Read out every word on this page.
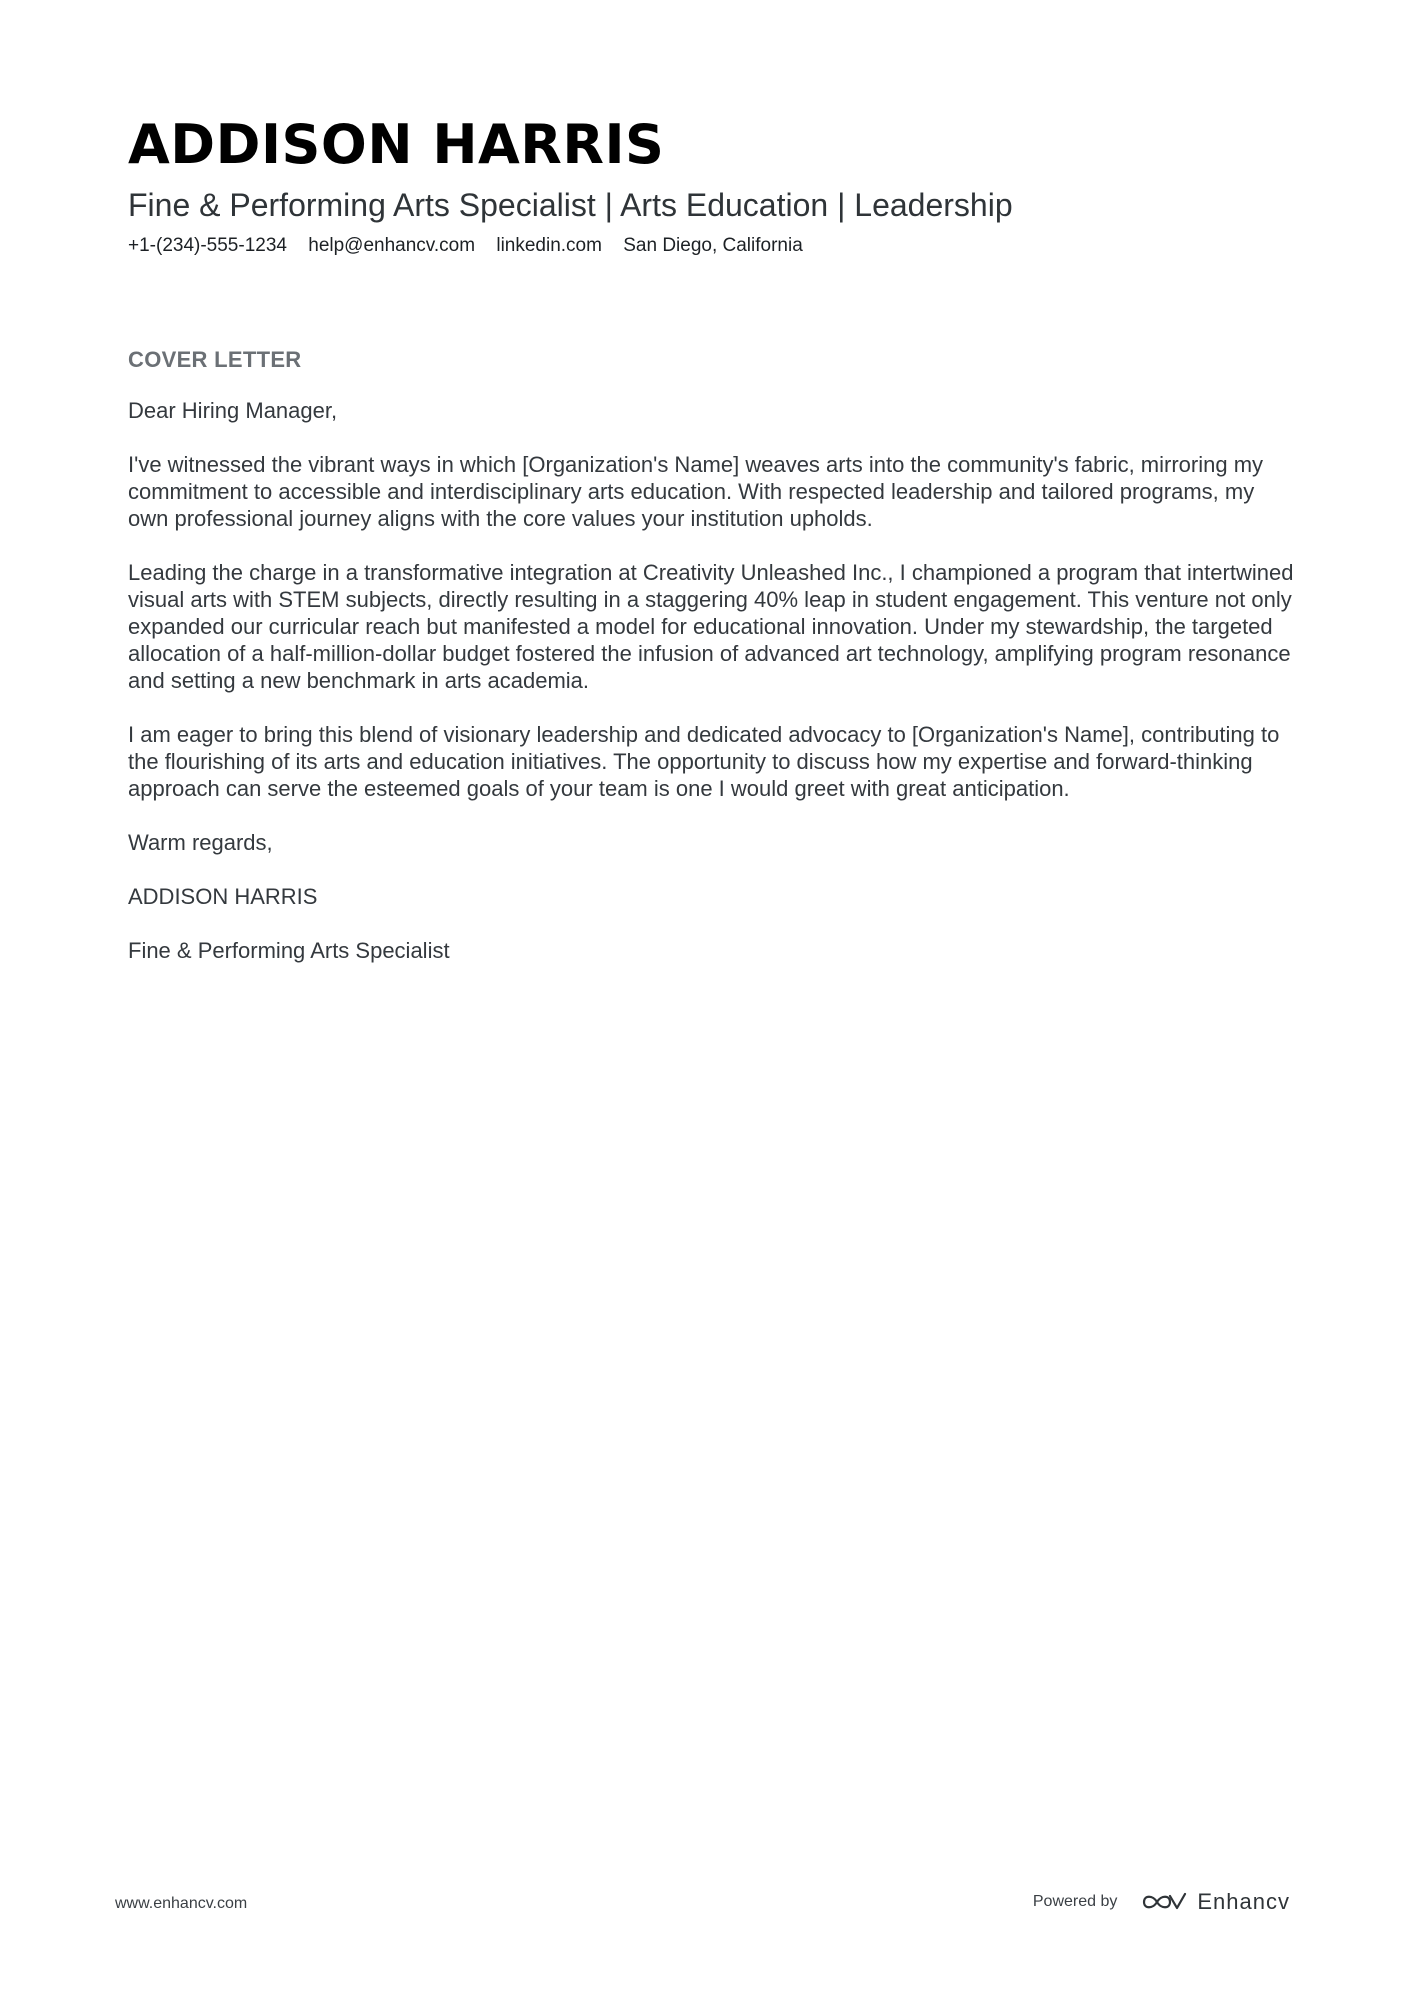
ADDISON HARRIS
Fine & Performing Arts Specialist | Arts Education | Leadership
+1-(234)-555-1234 help@enhancv.com linkedin.com San Diego, California
COVER LETTER

Dear Hiring Manager,

I've witnessed the vibrant ways in which [Organization's Name] weaves arts into the community's fabric, mirroring my commitment to accessible and interdisciplinary arts education. With respected leadership and tailored programs, my own professional journey aligns with the core values your institution upholds.

Leading the charge in a transformative integration at Creativity Unleashed Inc., I championed a program that intertwined visual arts with STEM subjects, directly resulting in a staggering 40% leap in student engagement. This venture not only expanded our curricular reach but manifested a model for educational innovation. Under my stewardship, the targeted allocation of a half-million-dollar budget fostered the infusion of advanced art technology, amplifying program resonance and setting a new benchmark in arts academia.

I am eager to bring this blend of visionary leadership and dedicated advocacy to [Organization's Name], contributing to the flourishing of its arts and education initiatives. The opportunity to discuss how my expertise and forward-thinking approach can serve the esteemed goals of your team is one I would greet with great anticipation.

Warm regards,

ADDISON HARRIS

Fine & Performing Arts Specialist

www.enhancv.com	Powered by	Enhancv
